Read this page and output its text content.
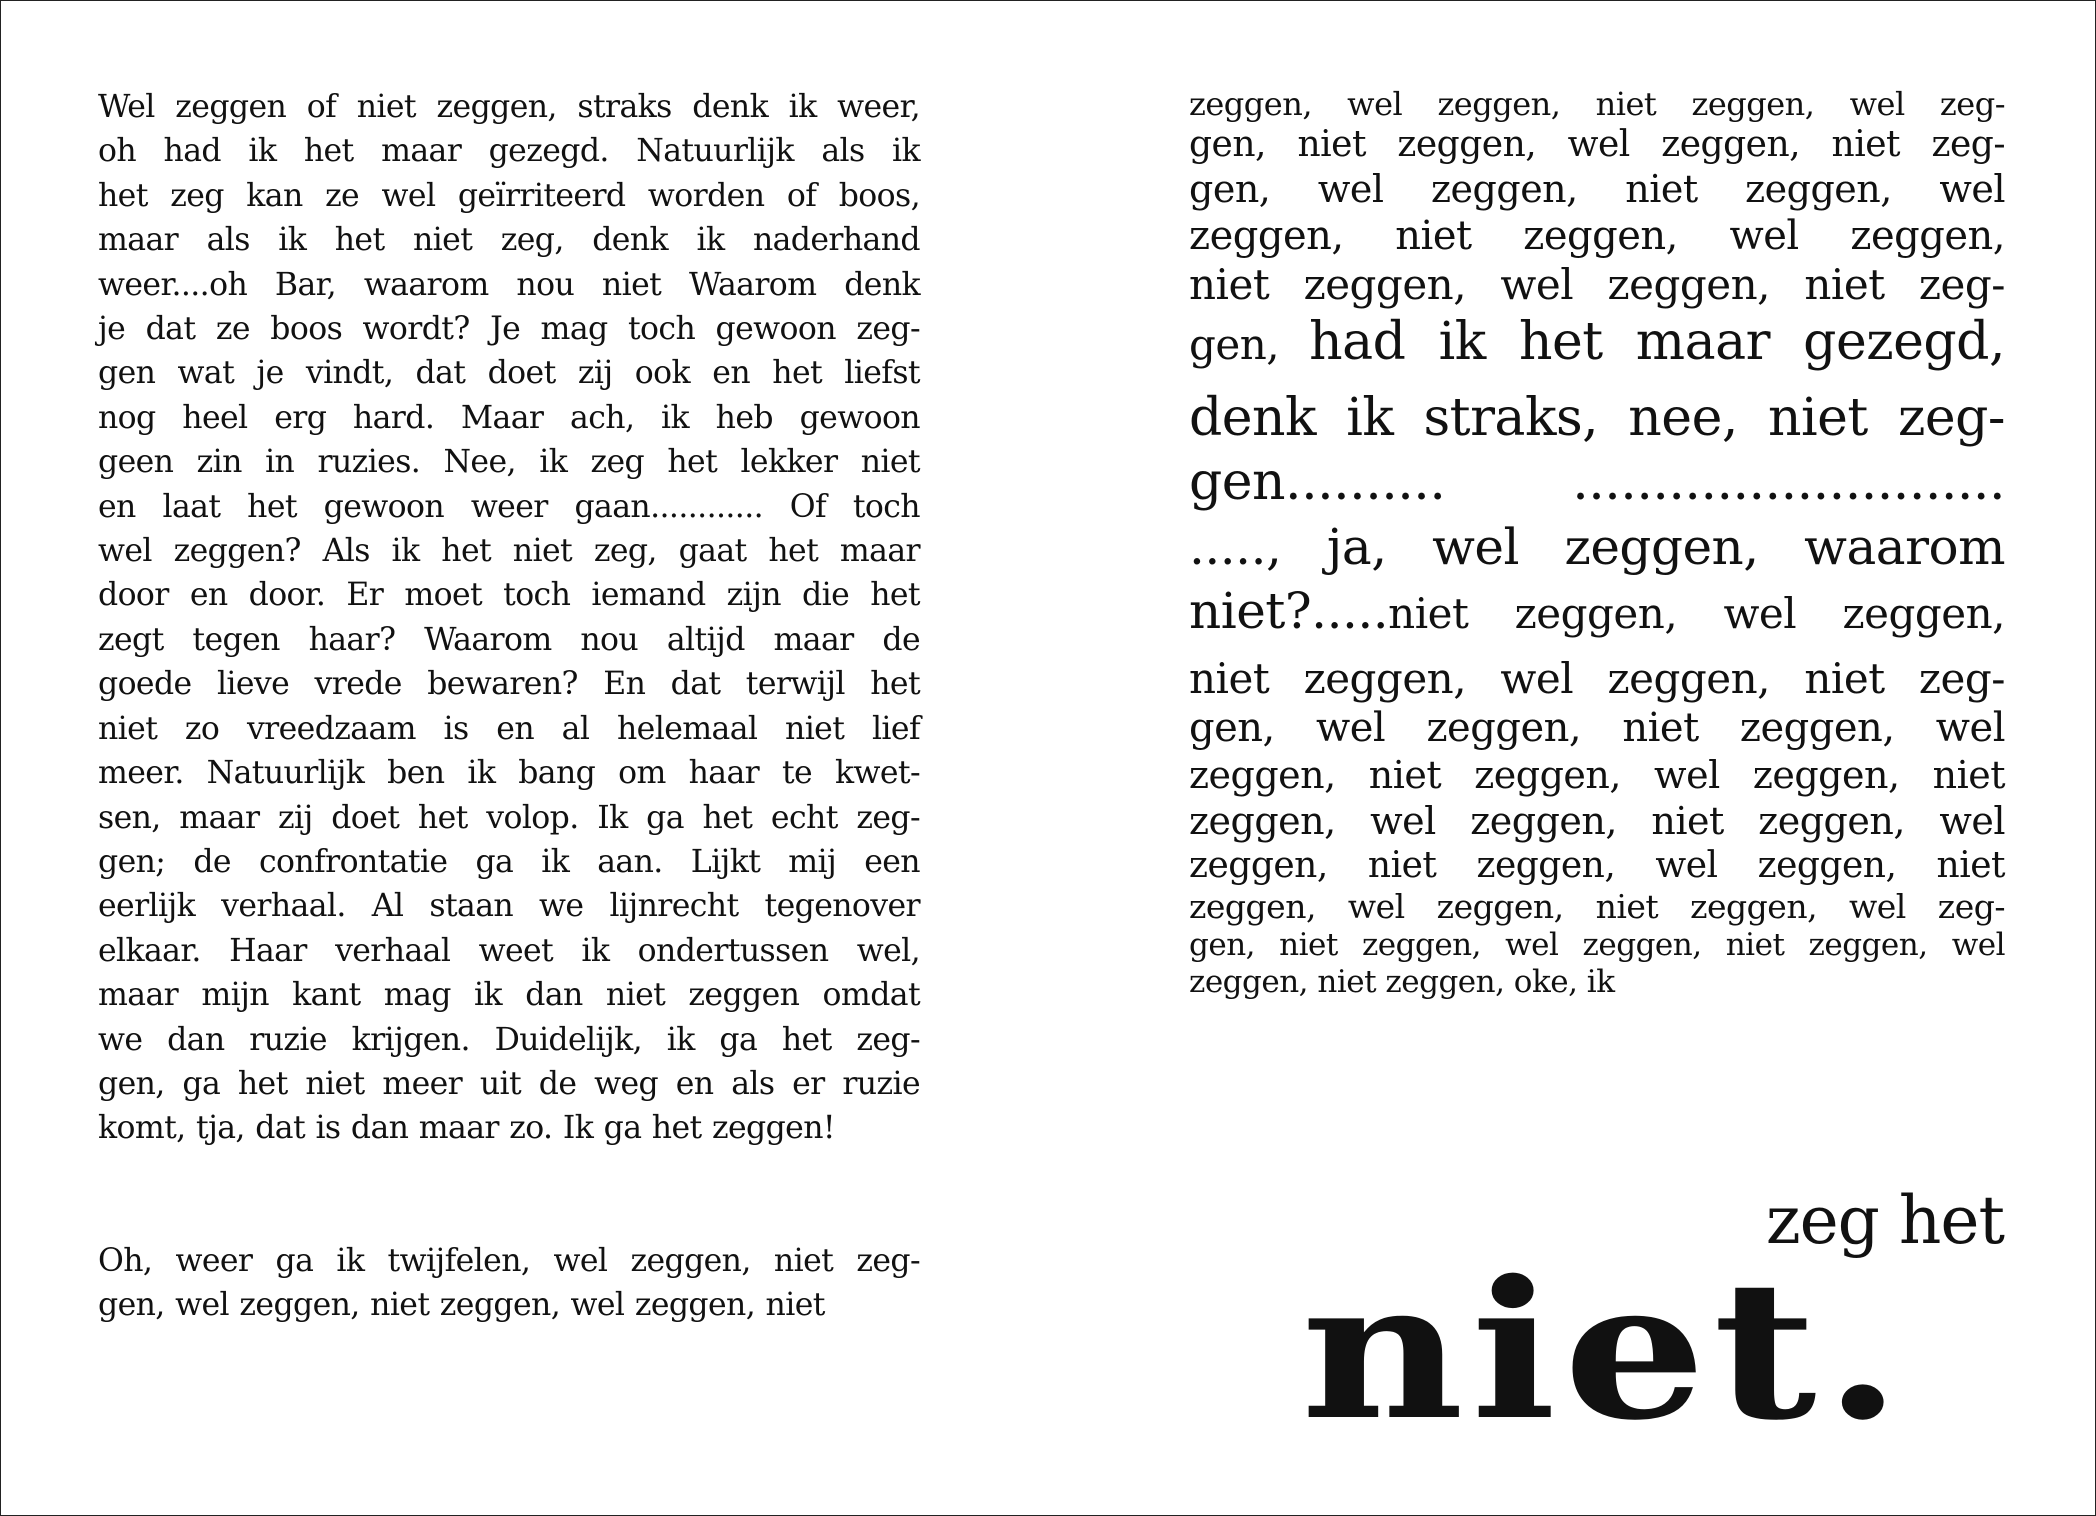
Wel zeggen of niet zeggen, straks denk ik weer,
oh had ik het maar gezegd. Natuurlijk als ik
het zeg kan ze wel geïrriteerd worden of boos,
maar als ik het niet zeg, denk ik naderhand
weer....oh Bar, waarom nou niet Waarom denk
je dat ze boos wordt? Je mag toch gewoon zeg-
gen wat je vindt, dat doet zij ook en het liefst
nog heel erg hard. Maar ach, ik heb gewoon
geen zin in ruzies. Nee, ik zeg het lekker niet
en laat het gewoon weer gaan............ Of toch
wel zeggen? Als ik het niet zeg, gaat het maar
door en door. Er moet toch iemand zijn die het
zegt tegen haar? Waarom nou altijd maar de
goede lieve vrede bewaren? En dat terwijl het
niet zo vreedzaam is en al helemaal niet lief
meer. Natuurlijk ben ik bang om haar te kwet-
sen, maar zij doet het volop. Ik ga het echt zeg-
gen; de confrontatie ga ik aan. Lijkt mij een
eerlijk verhaal. Al staan we lijnrecht tegenover
elkaar. Haar verhaal weet ik ondertussen wel,
maar mijn kant mag ik dan niet zeggen omdat
we dan ruzie krijgen. Duidelijk, ik ga het zeg-
gen, ga het niet meer uit de weg en als er ruzie
komt, tja, dat is dan maar zo. Ik ga het zeggen!

Oh, weer ga ik twijfelen, wel zeggen, niet zeg-
gen, wel zeggen, niet zeggen, wel zeggen, niet

zeggen, wel zeggen, niet zeggen, wel zeg-
gen, niet zeggen, wel zeggen, niet zeg-
gen, wel zeggen, niet zeggen, wel
zeggen, niet zeggen, wel zeggen,
niet zeggen, wel zeggen, niet zeg-
gen, had ik het maar gezegd,
denk ik straks, nee, niet zeg-
gen.......... ...........................
....., ja, wel zeggen, waarom
niet?.....niet zeggen, wel zeggen,
niet zeggen, wel zeggen, niet zeg-
gen, wel zeggen, niet zeggen, wel
zeggen, niet zeggen, wel zeggen, niet
zeggen, wel zeggen, niet zeggen, wel
zeggen, niet zeggen, wel zeggen, niet
zeggen, wel zeggen, niet zeggen, wel zeg-
gen, niet zeggen, wel zeggen, niet zeggen, wel
zeggen, niet zeggen, oke, ik
zeg het
niet.
